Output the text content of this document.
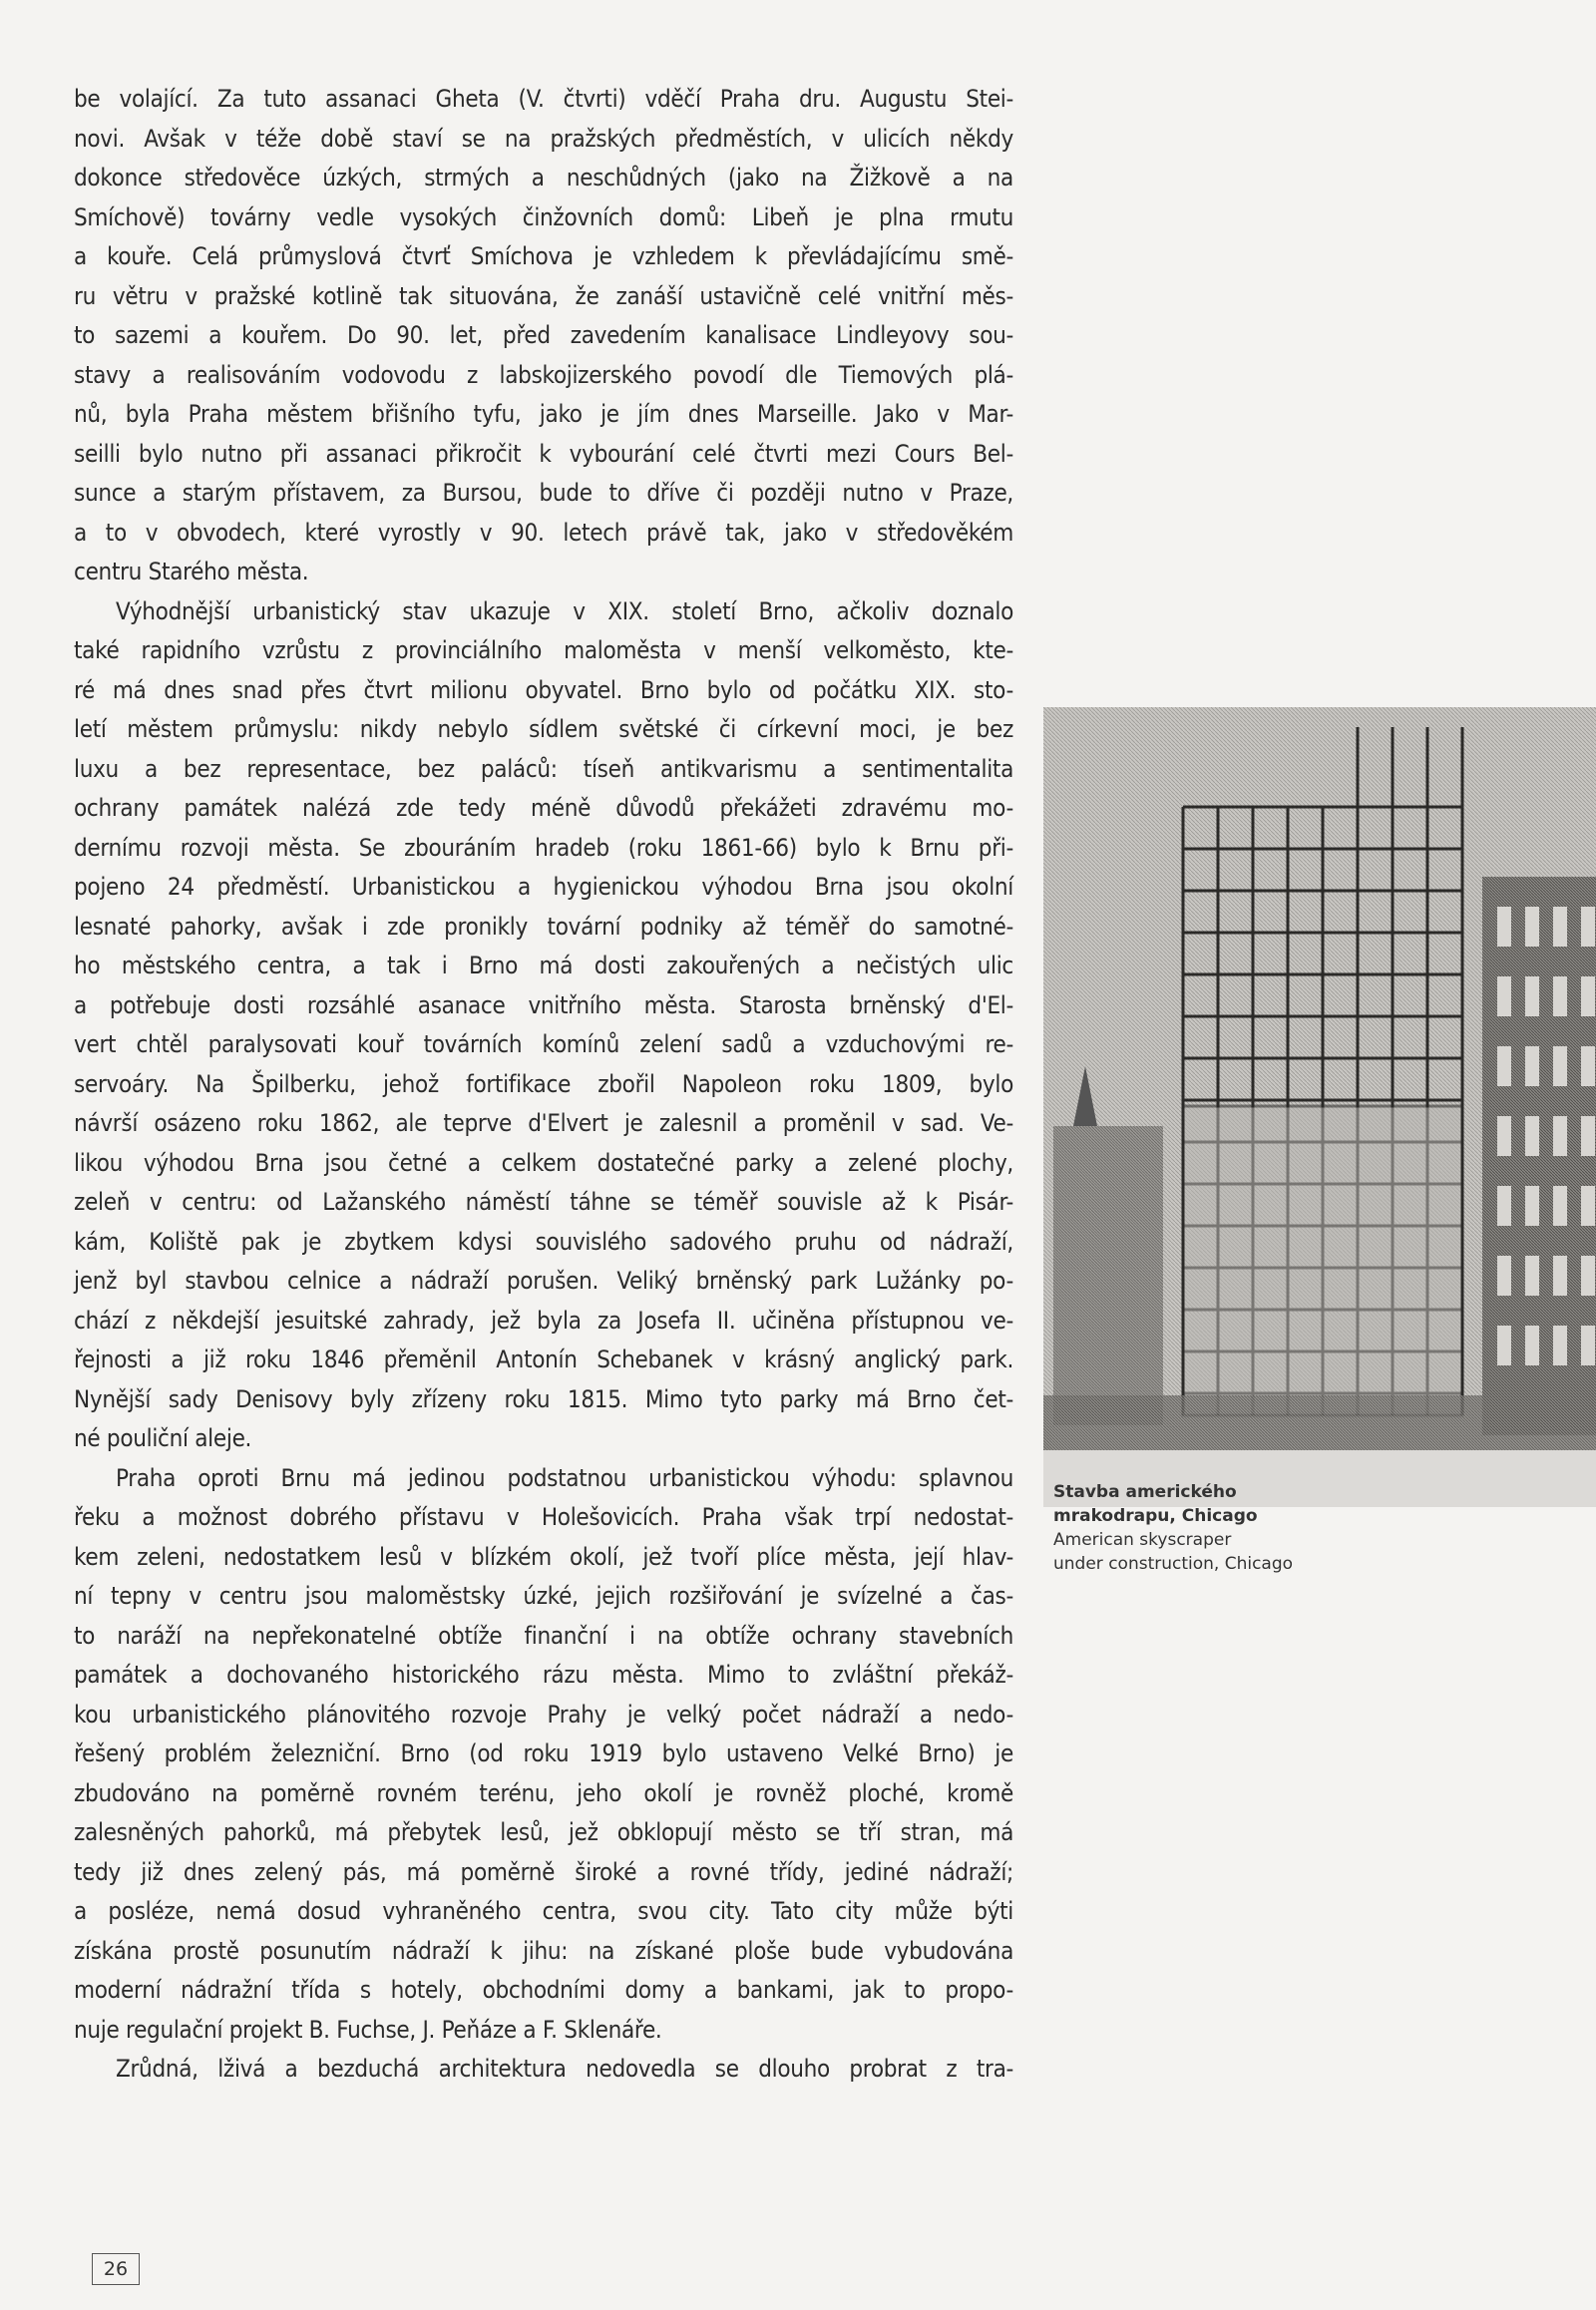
be volající. Za tuto assanaci Gheta (V. čtvrti) vděčí Praha dru. Augustu Stei-
novi. Avšak v téže době staví se na pražských předměstích, v ulicích někdy
dokonce středověce úzkých, strmých a neschůdných (jako na Žižkově a na
Smíchově) továrny vedle vysokých činžovních domů: Libeň je plna rmutu
a kouře. Celá průmyslová čtvrť Smíchova je vzhledem k převládajícímu smě-
ru větru v pražské kotlině tak situována, že zanáší ustavičně celé vnitřní měs-
to sazemi a kouřem. Do 90. let, před zavedením kanalisace Lindleyovy sou-
stavy a realisováním vodovodu z labskojizerského povodí dle Tiemových plá-
nů, byla Praha městem břišního tyfu, jako je jím dnes Marseille. Jako v Mar-
seilli bylo nutno při assanaci přikročit k vybourání celé čtvrti mezi Cours Bel-
sunce a starým přístavem, za Bursou, bude to dříve či později nutno v Praze,
a to v obvodech, které vyrostly v 90. letech právě tak, jako v středověkém
centru Starého města.
Výhodnější urbanistický stav ukazuje v XIX. století Brno, ačkoliv doznalo
také rapidního vzrůstu z provinciálního maloměsta v menší velkoměsto, kte-
ré má dnes snad přes čtvrt milionu obyvatel. Brno bylo od počátku XIX. sto-
letí městem průmyslu: nikdy nebylo sídlem světské či církevní moci, je bez
luxu a bez representace, bez paláců: tíseň antikvarismu a sentimentalita
ochrany památek nalézá zde tedy méně důvodů překážeti zdravému mo-
dernímu rozvoji města. Se zbouráním hradeb (roku 1861-66) bylo k Brnu při-
pojeno 24 předměstí. Urbanistickou a hygienickou výhodou Brna jsou okolní
lesnaté pahorky, avšak i zde pronikly tovární podniky až téměř do samotné-
ho městského centra, a tak i Brno má dosti zakouřených a nečistých ulic
a potřebuje dosti rozsáhlé asanace vnitřního města. Starosta brněnský d'El-
vert chtěl paralysovati kouř továrních komínů zelení sadů a vzduchovými re-
servoáry. Na Špilberku, jehož fortifikace zbořil Napoleon roku 1809, bylo
návrší osázeno roku 1862, ale teprve d'Elvert je zalesnil a proměnil v sad. Ve-
likou výhodou Brna jsou četné a celkem dostatečné parky a zelené plochy,
zeleň v centru: od Lažanského náměstí táhne se téměř souvisle až k Pisár-
kám, Koliště pak je zbytkem kdysi souvislého sadového pruhu od nádraží,
jenž byl stavbou celnice a nádraží porušen. Veliký brněnský park Lužánky po-
chází z někdejší jesuitské zahrady, jež byla za Josefa II. učiněna přístupnou ve-
řejnosti a již roku 1846 přeměnil Antonín Schebanek v krásný anglický park.
Nynější sady Denisovy byly zřízeny roku 1815. Mimo tyto parky má Brno čet-
né pouliční aleje.
Praha oproti Brnu má jedinou podstatnou urbanistickou výhodu: splavnou
řeku a možnost dobrého přístavu v Holešovicích. Praha však trpí nedostat-
kem zeleni, nedostatkem lesů v blízkém okolí, jež tvoří plíce města, její hlav-
ní tepny v centru jsou maloměstsky úzké, jejich rozšiřování je svízelné a čas-
to naráží na nepřekonatelné obtíže finanční i na obtíže ochrany stavebních
památek a dochovaného historického rázu města. Mimo to zvláštní překáž-
kou urbanistického plánovitého rozvoje Prahy je velký počet nádraží a nedo-
řešený problém železniční. Brno (od roku 1919 bylo ustaveno Velké Brno) je
zbudováno na poměrně rovném terénu, jeho okolí je rovněž ploché, kromě
zalesněných pahorků, má přebytek lesů, jež obklopují město se tří stran, má
tedy již dnes zelený pás, má poměrně široké a rovné třídy, jediné nádraží;
a posléze, nemá dosud vyhraněného centra, svou city. Tato city může býti
získána prostě posunutím nádraží k jihu: na získané ploše bude vybudována
moderní nádražní třída s hotely, obchodními domy a bankami, jak to propo-
nuje regulační projekt B. Fuchse, J. Peňáze a F. Sklenáře.
Zrůdná, lživá a bezduchá architektura nedovedla se dlouho probrat z tra-
Stavba amerického
mrakodrapu, Chicago
American skyscraper
under construction, Chicago
26
